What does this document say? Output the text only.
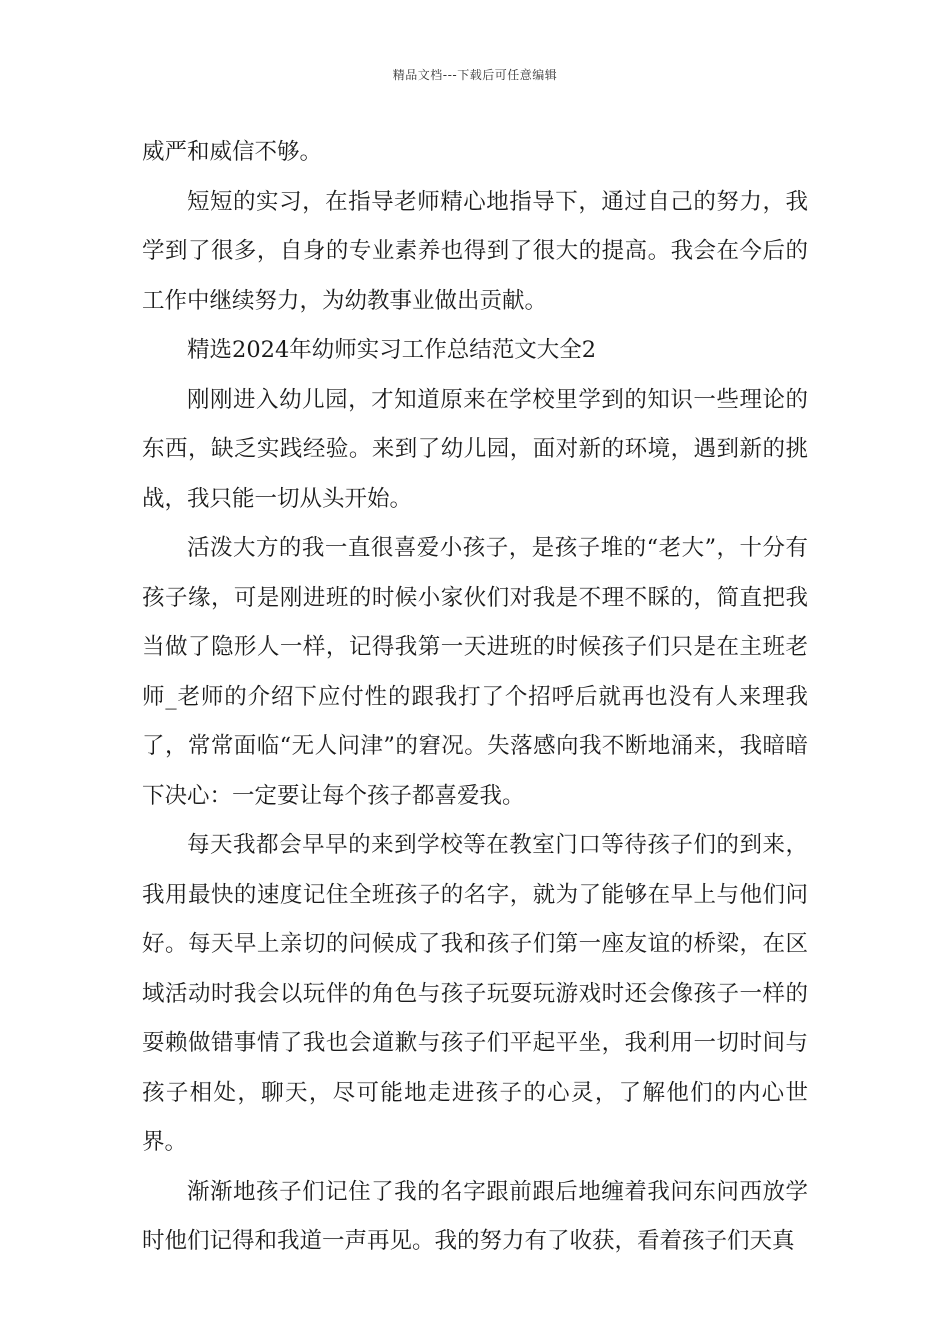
精品文档---下载后可任意编辑

威严和威信不够。

短短的实习，在指导老师精心地指导下，通过自己的努力，我学到了很多，自身的专业素养也得到了很大的提高。我会在今后的工作中继续努力，为幼教事业做出贡献。

精选2024年幼师实习工作总结范文大全2

刚刚进入幼儿园，才知道原来在学校里学到的知识一些理论的东西，缺乏实践经验。来到了幼儿园，面对新的环境，遇到新的挑战，我只能一切从头开始。

活泼大方的我一直很喜爱小孩子，是孩子堆的“老大”，十分有孩子缘，可是刚进班的时候小家伙们对我是不理不睬的，简直把我当做了隐形人一样，记得我第一天进班的时候孩子们只是在主班老师_老师的介绍下应付性的跟我打了个招呼后就再也没有人来理我了，常常面临“无人问津”的窘况。失落感向我不断地涌来，我暗暗下决心：一定要让每个孩子都喜爱我。

每天我都会早早的来到学校等在教室门口等待孩子们的到来，我用最快的速度记住全班孩子的名字，就为了能够在早上与他们问好。每天早上亲切的问候成了我和孩子们第一座友谊的桥梁，在区域活动时我会以玩伴的角色与孩子玩耍玩游戏时还会像孩子一样的耍赖做错事情了我也会道歉与孩子们平起平坐，我利用一切时间与孩子相处，聊天，尽可能地走进孩子的心灵，了解他们的内心世界。

渐渐地孩子们记住了我的名字跟前跟后地缠着我问东问西放学时他们记得和我道一声再见。我的努力有了收获，看着孩子们天真
